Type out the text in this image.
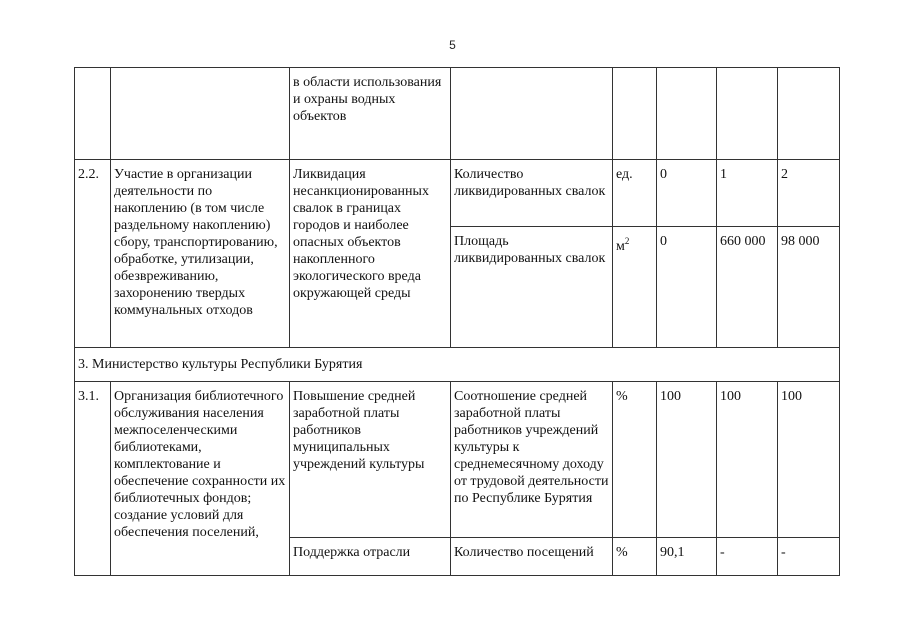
5
		в области использования и охраны водных объектов					
2.2.	Участие в организации деятельности по накоплению (в том числе раздельному накоплению) сбору, транспортированию, обработке, утилизации, обезвреживанию, захоронению твердых коммунальных отходов	Ликвидация несанкционированных свалок в границах городов и наиболее опасных объектов накопленного экологического вреда окружающей среды	Количество ликвидированных свалок	ед.	0	1	2
			Площадь ликвидированных свалок	$м^2$	0	660 000	98 000
3. Министерство культуры Республики Бурятия							
3.1.	Организация библиотечного обслуживания населения межпоселенческими библиотеками, комплектование и обеспечение сохранности их библиотечных фондов; создание условий для обеспечения поселений,	Повышение средней заработной платы работников муниципальных учреждений культуры	Соотношение средней заработной платы работников учреждений культуры к среднемесячному доходу от трудовой деятельности по Республике Бурятия	%	100	100	100
		Поддержка отрасли	Количество посещений	%	90,1	-	-
